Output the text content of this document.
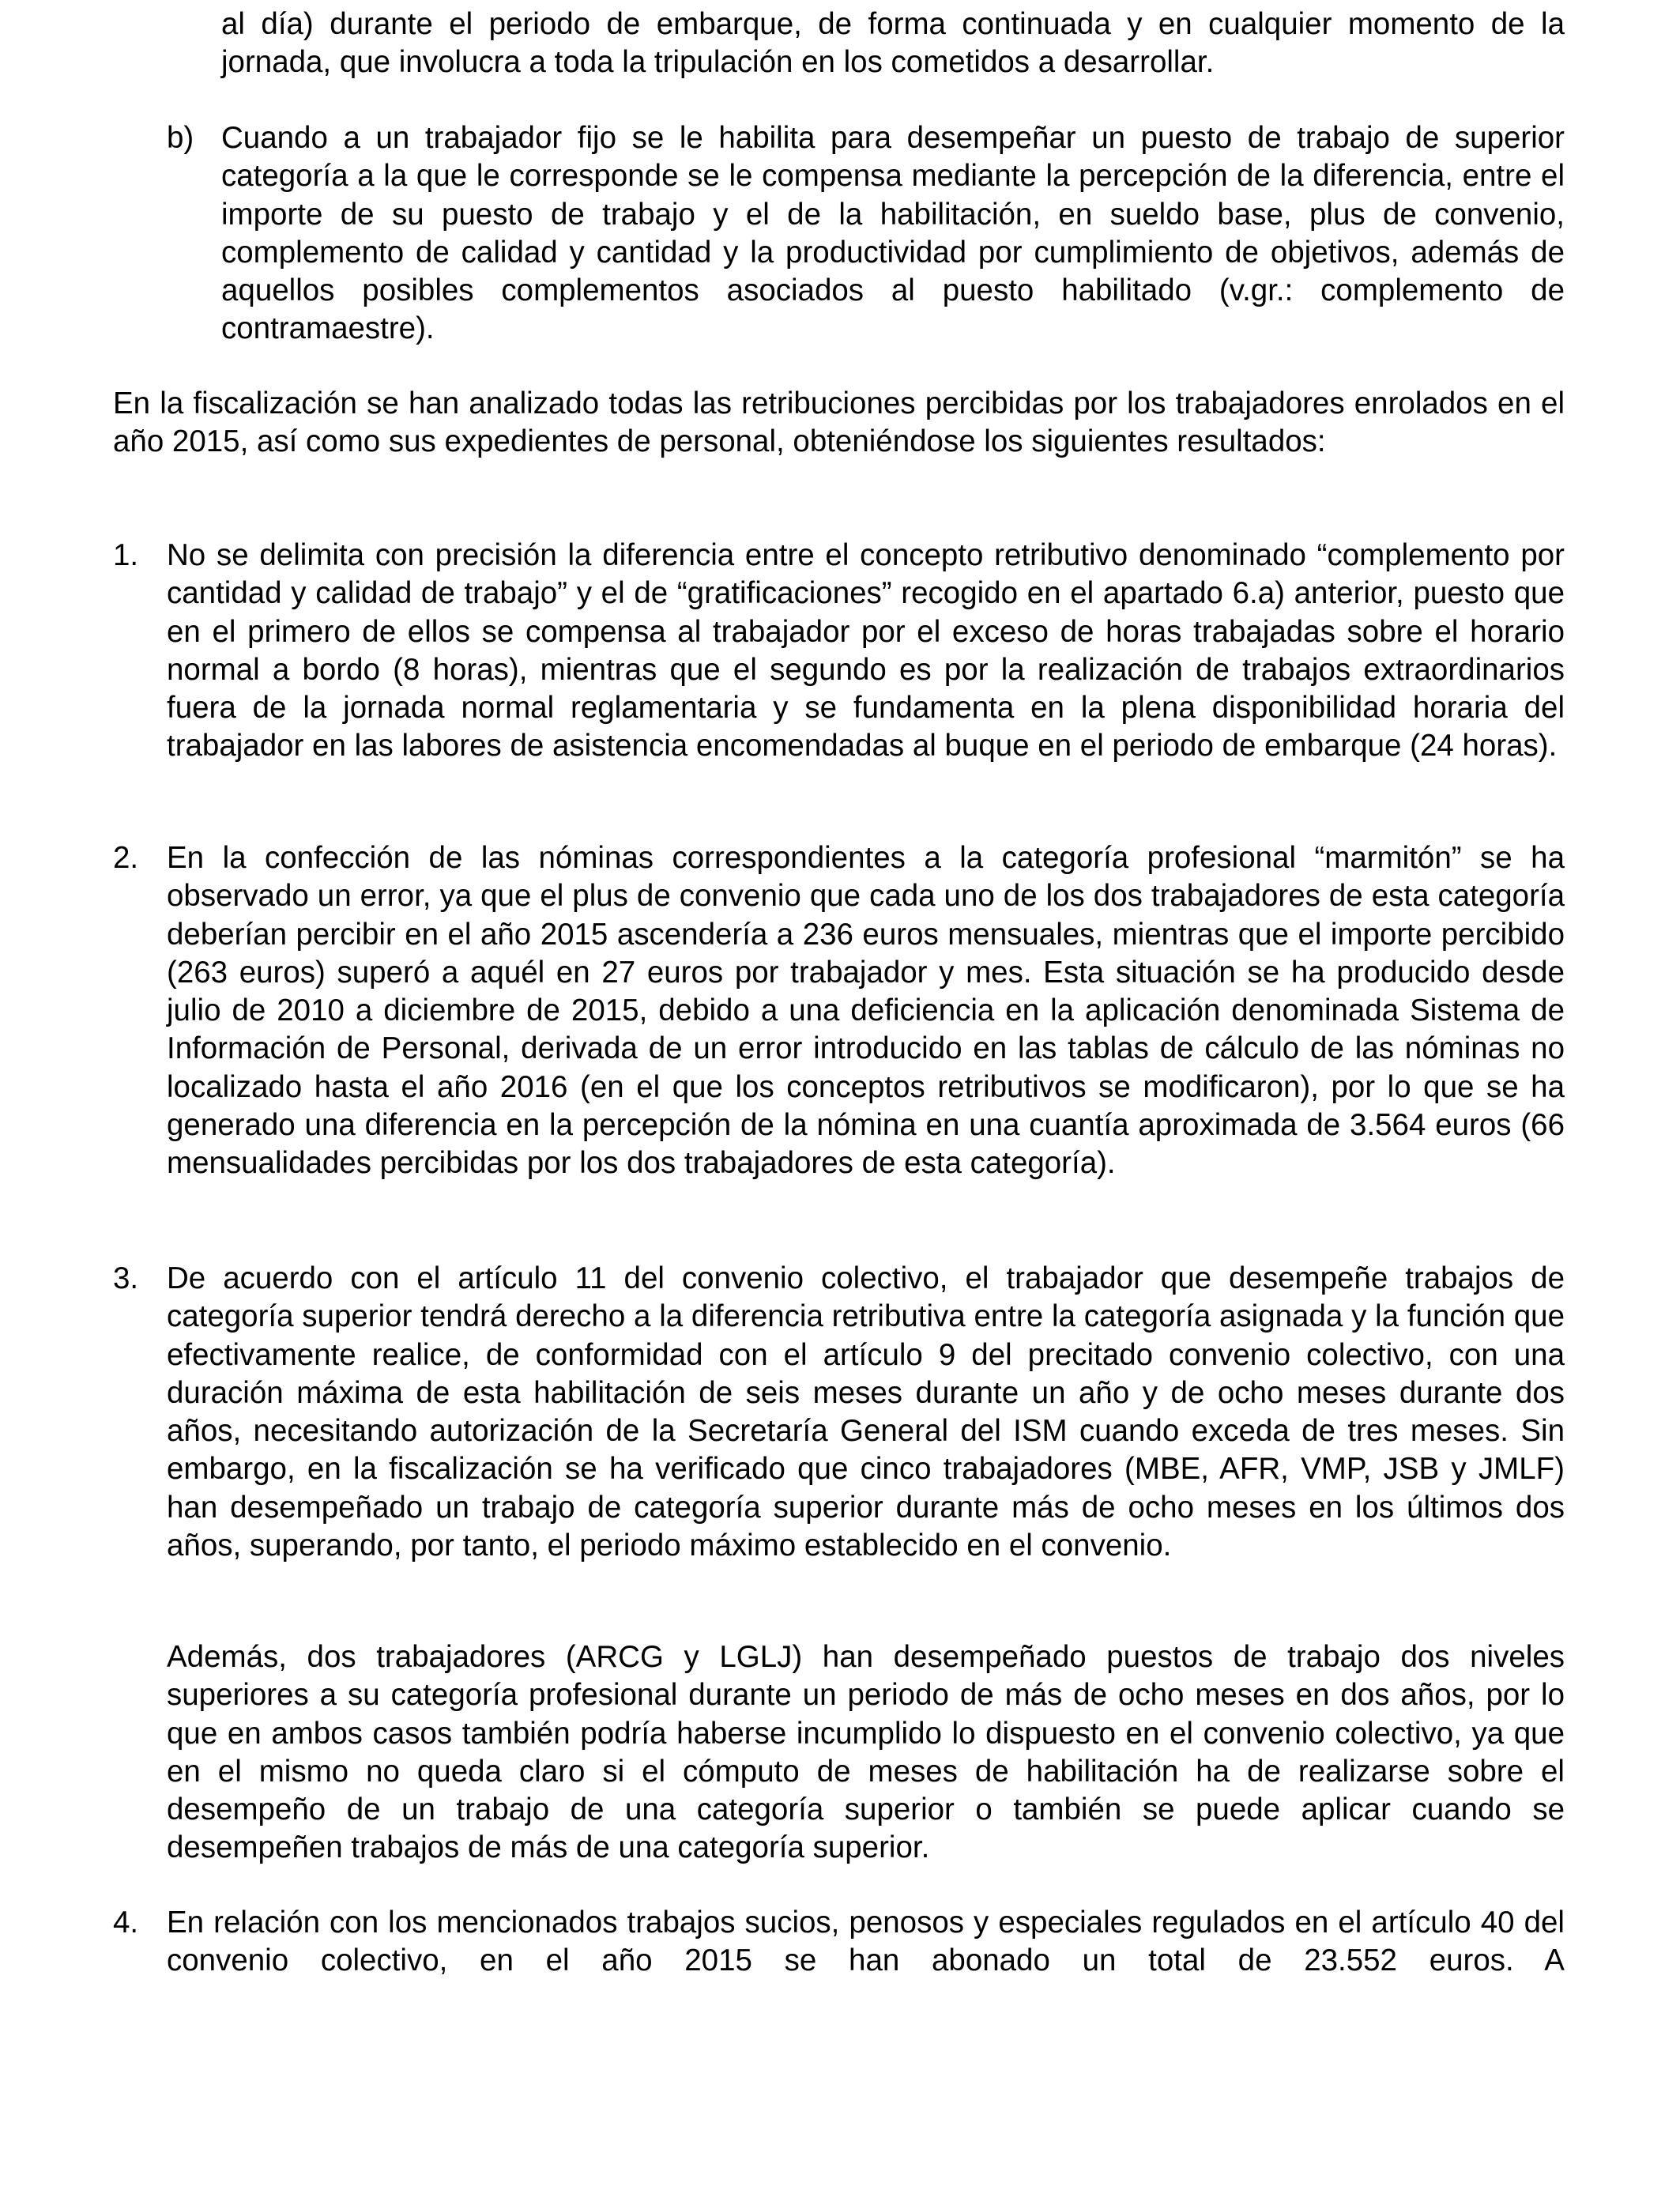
al día) durante el periodo de embarque, de forma continuada y en cualquier momento de la jornada, que involucra a toda la tripulación en los cometidos a desarrollar.

b) Cuando a un trabajador fijo se le habilita para desempeñar un puesto de trabajo de superior categoría a la que le corresponde se le compensa mediante la percepción de la diferencia, entre el importe de su puesto de trabajo y el de la habilitación, en sueldo base, plus de convenio, complemento de calidad y cantidad y la productividad por cumplimiento de objetivos, además de aquellos posibles complementos asociados al puesto habilitado (v.gr.: complemento de contramaestre).

En la fiscalización se han analizado todas las retribuciones percibidas por los trabajadores enrolados en el año 2015, así como sus expedientes de personal, obteniéndose los siguientes resultados:

1. No se delimita con precisión la diferencia entre el concepto retributivo denominado “complemento por cantidad y calidad de trabajo” y el de “gratificaciones” recogido en el apartado 6.a) anterior, puesto que en el primero de ellos se compensa al trabajador por el exceso de horas trabajadas sobre el horario normal a bordo (8 horas), mientras que el segundo es por la realización de trabajos extraordinarios fuera de la jornada normal reglamentaria y se fundamenta en la plena disponibilidad horaria del trabajador en las labores de asistencia encomendadas al buque en el periodo de embarque (24 horas).

2. En la confección de las nóminas correspondientes a la categoría profesional “marmitón” se ha observado un error, ya que el plus de convenio que cada uno de los dos trabajadores de esta categoría deberían percibir en el año 2015 ascendería a 236 euros mensuales, mientras que el importe percibido (263 euros) superó a aquél en 27 euros por trabajador y mes. Esta situación se ha producido desde julio de 2010 a diciembre de 2015, debido a una deficiencia en la aplicación denominada Sistema de Información de Personal, derivada de un error introducido en las tablas de cálculo de las nóminas no localizado hasta el año 2016 (en el que los conceptos retributivos se modificaron), por lo que se ha generado una diferencia en la percepción de la nómina en una cuantía aproximada de 3.564 euros (66 mensualidades percibidas por los dos trabajadores de esta categoría).

3. De acuerdo con el artículo 11 del convenio colectivo, el trabajador que desempeñe trabajos de categoría superior tendrá derecho a la diferencia retributiva entre la categoría asignada y la función que efectivamente realice, de conformidad con el artículo 9 del precitado convenio colectivo, con una duración máxima de esta habilitación de seis meses durante un año y de ocho meses durante dos años, necesitando autorización de la Secretaría General del ISM cuando exceda de tres meses. Sin embargo, en la fiscalización se ha verificado que cinco trabajadores (MBE, AFR, VMP, JSB y JMLF) han desempeñado un trabajo de categoría superior durante más de ocho meses en los últimos dos años, superando, por tanto, el periodo máximo establecido en el convenio.

Además, dos trabajadores (ARCG y LGLJ) han desempeñado puestos de trabajo dos niveles superiores a su categoría profesional durante un periodo de más de ocho meses en dos años, por lo que en ambos casos también podría haberse incumplido lo dispuesto en el convenio colectivo, ya que en el mismo no queda claro si el cómputo de meses de habilitación ha de realizarse sobre el desempeño de un trabajo de una categoría superior o también se puede aplicar cuando se desempeñen trabajos de más de una categoría superior.

4. En relación con los mencionados trabajos sucios, penosos y especiales regulados en el artículo 40 del convenio colectivo, en el año 2015 se han abonado un total de 23.552 euros. A
